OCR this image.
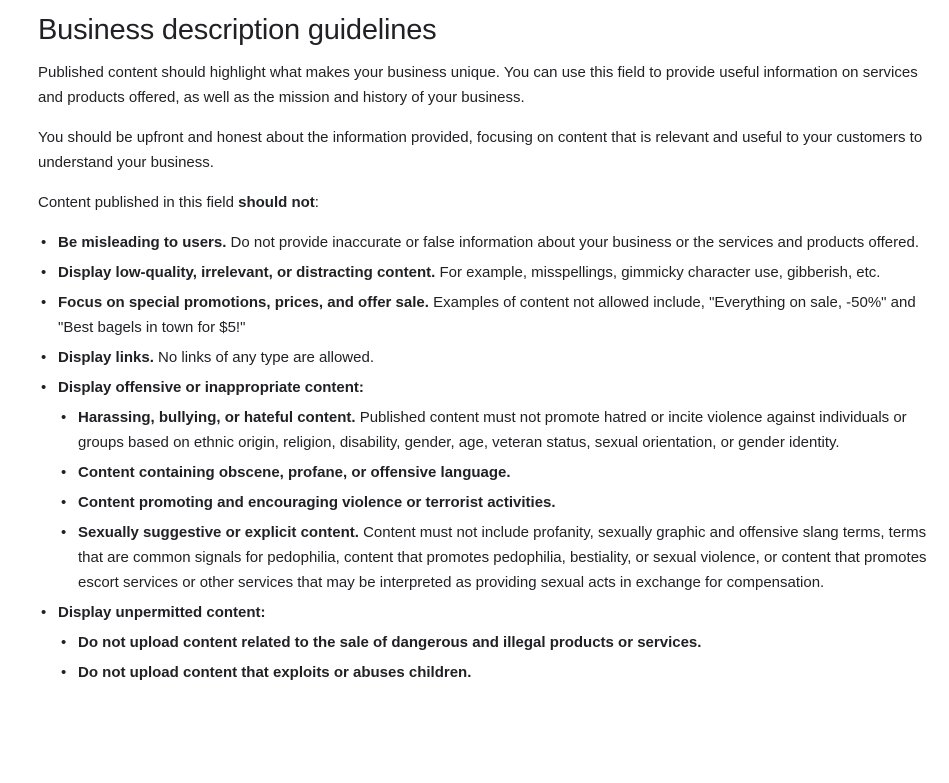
Business description guidelines

Published content should highlight what makes your business unique. You can use this field to provide useful information on services and products offered, as well as the mission and history of your business.

You should be upfront and honest about the information provided, focusing on content that is relevant and useful to your customers to understand your business.

Content published in this field should not:

• Be misleading to users. Do not provide inaccurate or false information about your business or the services and products offered.
• Display low-quality, irrelevant, or distracting content. For example, misspellings, gimmicky character use, gibberish, etc.
• Focus on special promotions, prices, and offer sale. Examples of content not allowed include, "Everything on sale, -50%" and "Best bagels in town for $5!"
• Display links. No links of any type are allowed.
• Display offensive or inappropriate content:
• Harassing, bullying, or hateful content. Published content must not promote hatred or incite violence against individuals or groups based on ethnic origin, religion, disability, gender, age, veteran status, sexual orientation, or gender identity.
• Content containing obscene, profane, or offensive language.
• Content promoting and encouraging violence or terrorist activities.
• Sexually suggestive or explicit content. Content must not include profanity, sexually graphic and offensive slang terms, terms that are common signals for pedophilia, content that promotes pedophilia, bestiality, or sexual violence, or content that promotes escort services or other services that may be interpreted as providing sexual acts in exchange for compensation.
• Display unpermitted content:
• Do not upload content related to the sale of dangerous and illegal products or services.
• Do not upload content that exploits or abuses children.
